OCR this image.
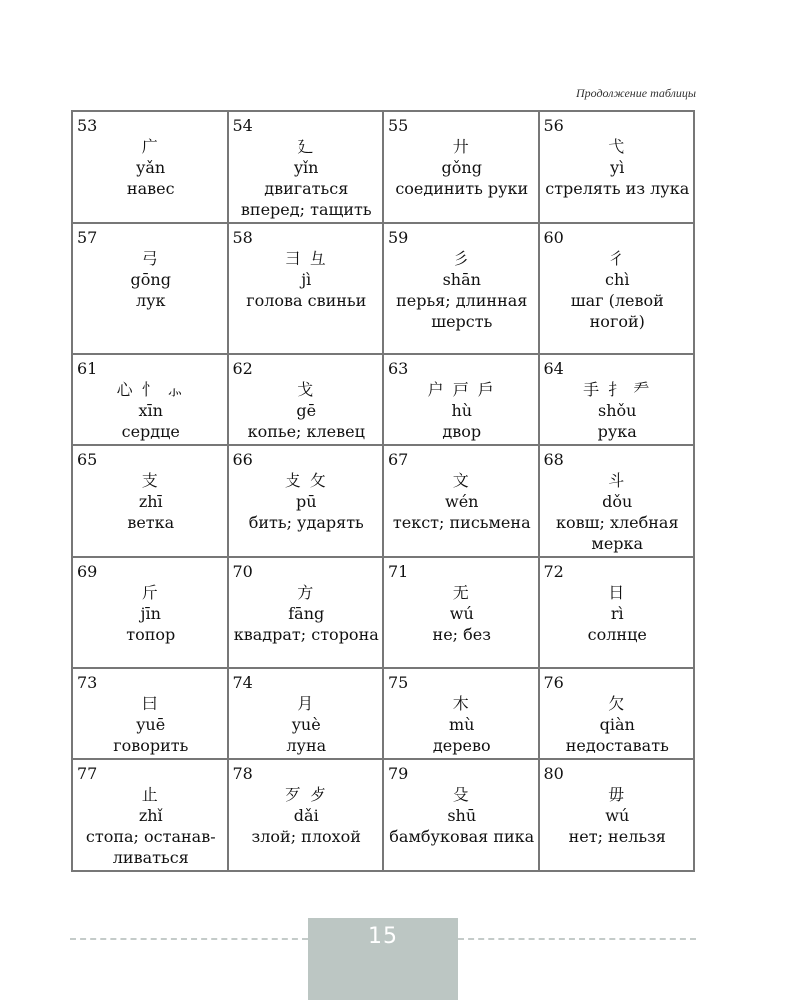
Продолжение таблицы
53
广
yǎn
навес	54
廴
yǐn
двигаться вперед; тащить	55
廾
gǒng
соединить руки	56
弋
yì
стрелять из лука

57
弓
gōng
лук	58
彐 彑
jì
голова свиньи	59
彡
shān
перья; длинная шерсть	60
彳
chì
шаг (левой ногой)

61
心 忄 ⺗
xīn
сердце	62
戈
gē
копье; клевец	63
户 戸 戶
hù
двор	64
手 扌 龵
shǒu
рука

65
支
zhī
ветка	66
攴 攵
pū
бить; ударять	67
文
wén
текст; письмена	68
斗
dǒu
ковш; хлебная мерка

69
斤
jīn
топор	70
方
fāng
квадрат; сторона	71
无
wú
не; без	72
日
rì
солнце

73
曰
yuē
говорить	74
月
yuè
луна	75
木
mù
дерево	76
欠
qiàn
недоставать

77
止
zhǐ
стопа; останав-ливаться	78
歹 歺
dǎi
злой; плохой	79
殳
shū
бамбуковая пика	80
毋
wú
нет; нельзя
15
